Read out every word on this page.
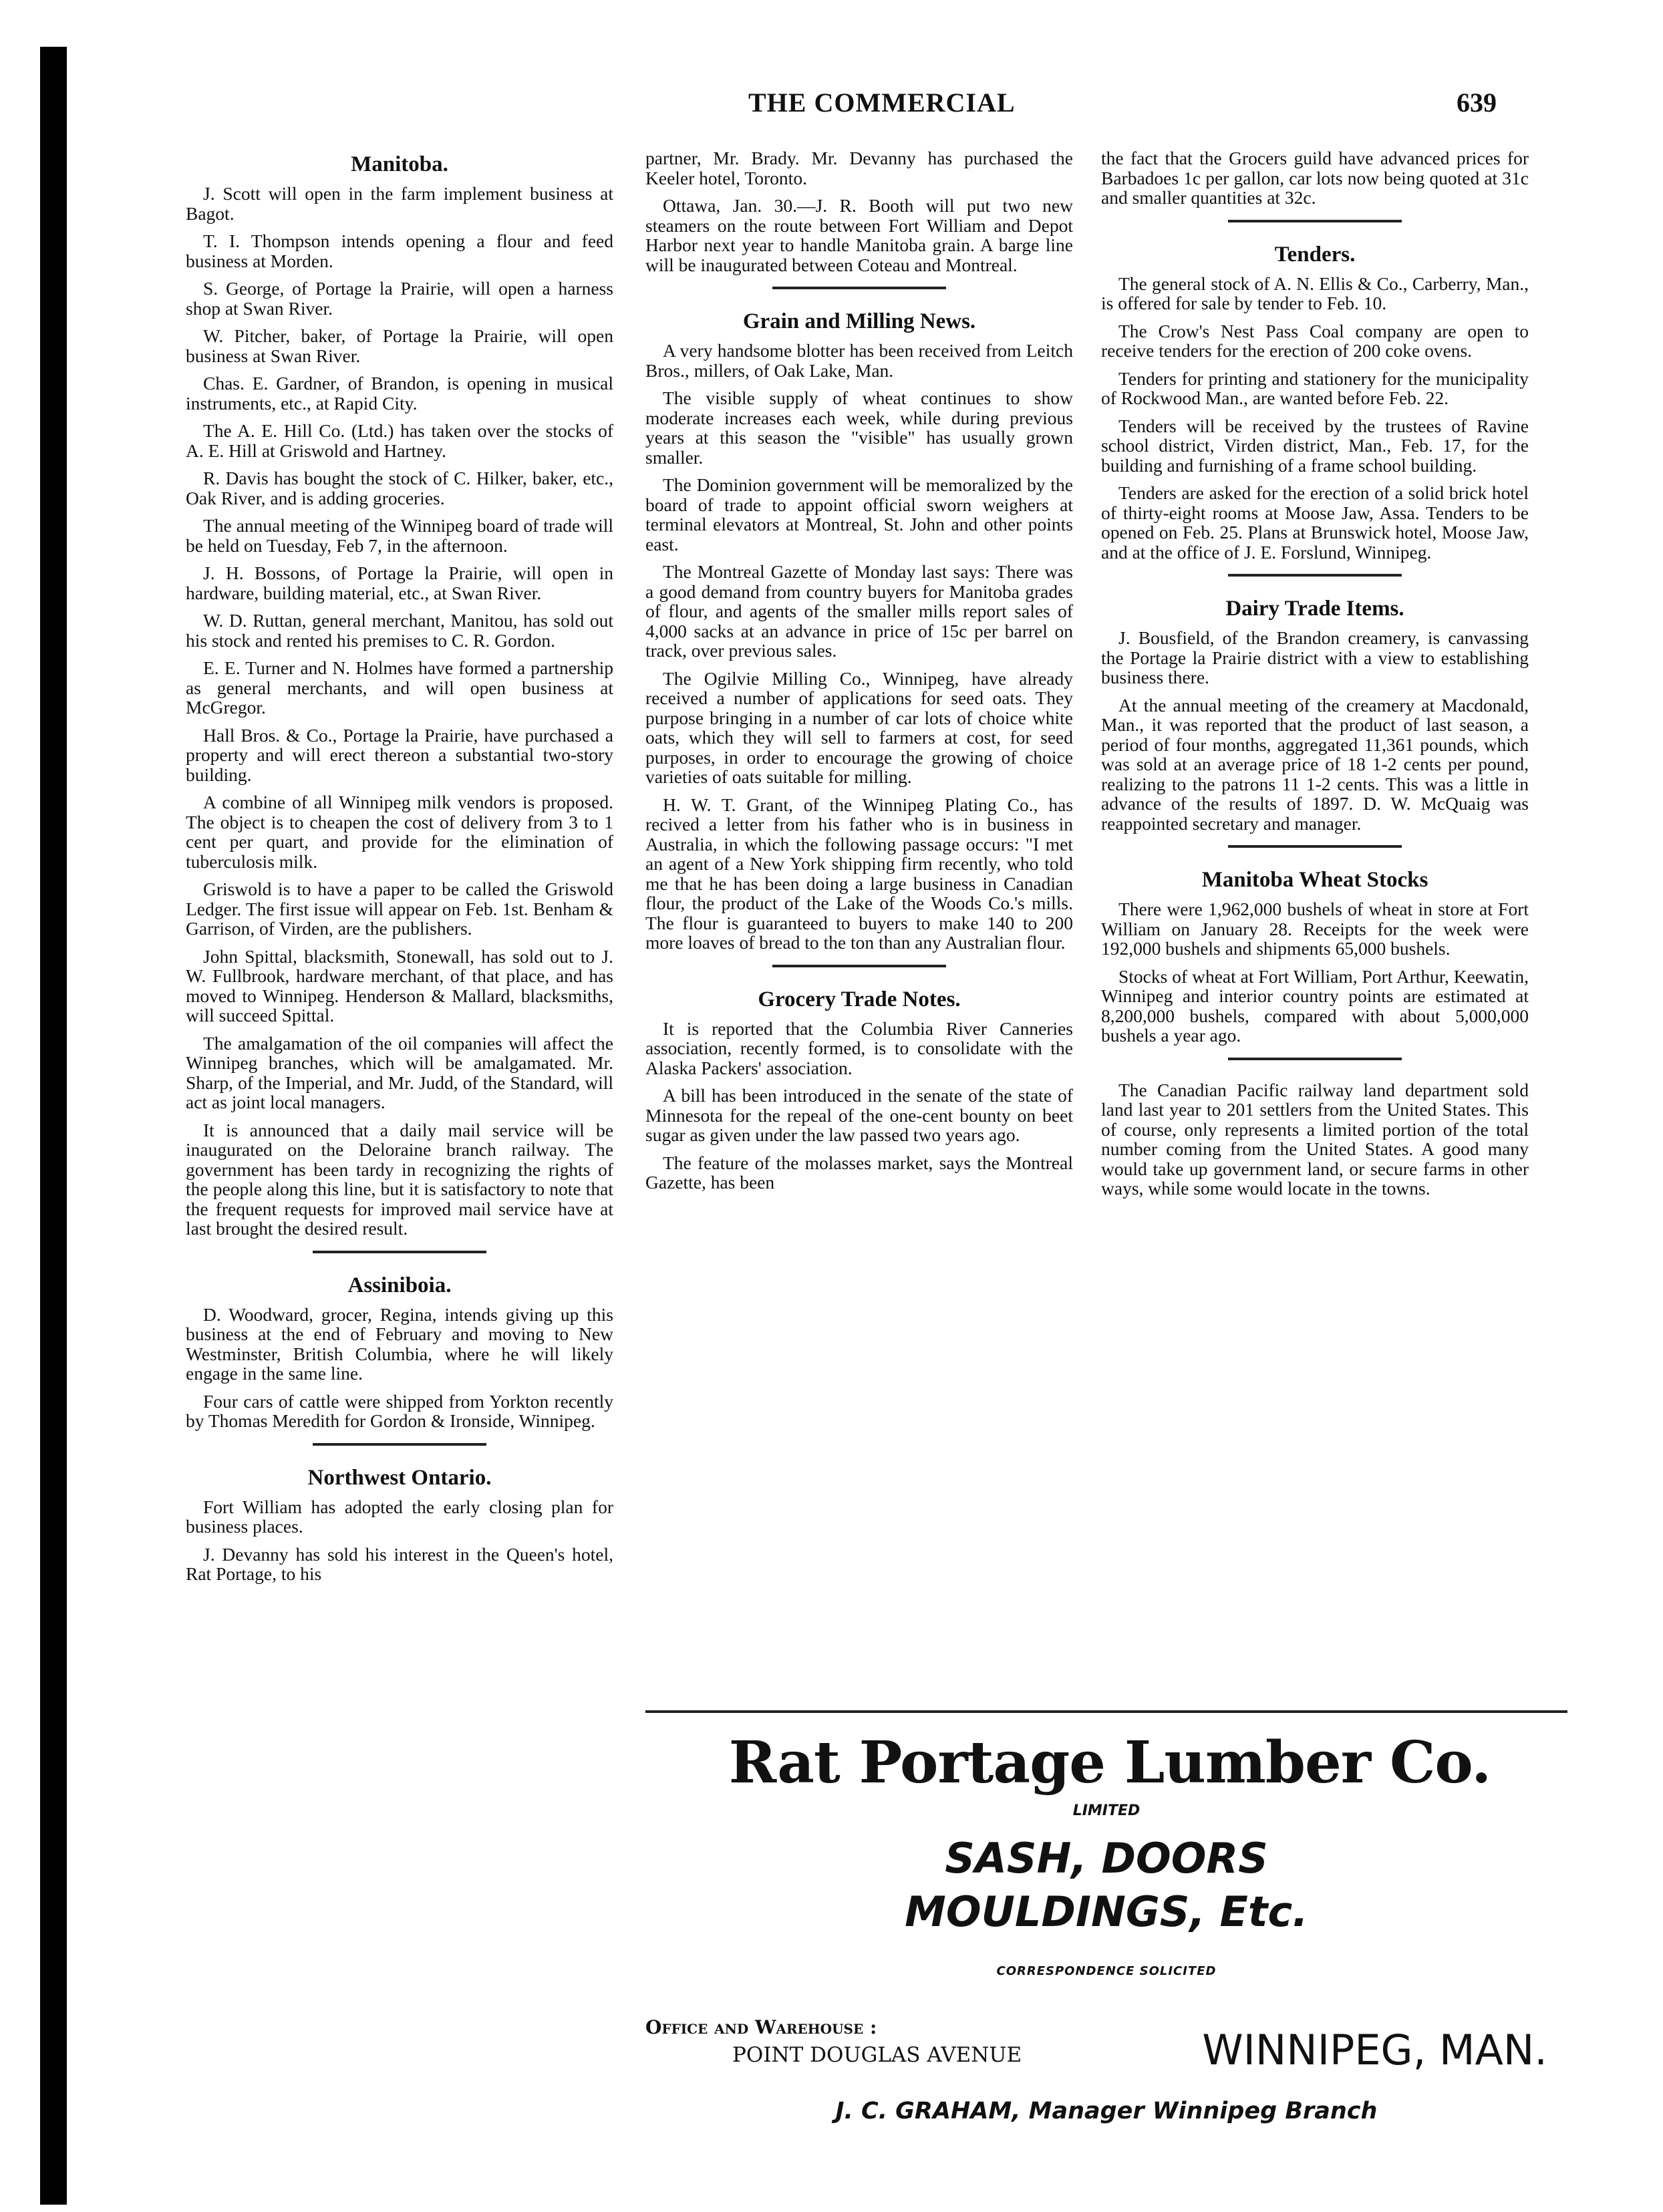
THE COMMERCIAL	639
Manitoba.

J. Scott will open in the farm implement business at Bagot.

T. I. Thompson intends opening a flour and feed business at Morden.

S. George, of Portage la Prairie, will open a harness shop at Swan River.

W. Pitcher, baker, of Portage la Prairie, will open business at Swan River.

Chas. E. Gardner, of Brandon, is opening in musical instruments, etc., at Rapid City.

The A. E. Hill Co. (Ltd.) has taken over the stocks of A. E. Hill at Griswold and Hartney.

R. Davis has bought the stock of C. Hilker, baker, etc., Oak River, and is adding groceries.

The annual meeting of the Winnipeg board of trade will be held on Tuesday, Feb 7, in the afternoon.

J. H. Bossons, of Portage la Prairie, will open in hardware, building material, etc., at Swan River.

W. D. Ruttan, general merchant, Manitou, has sold out his stock and rented his premises to C. R. Gordon.

E. E. Turner and N. Holmes have formed a partnership as general merchants, and will open business at McGregor.

Hall Bros. & Co., Portage la Prairie, have purchased a property and will erect thereon a substantial two-story building.

A combine of all Winnipeg milk vendors is proposed. The object is to cheapen the cost of delivery from 3 to 1 cent per quart, and provide for the elimination of tuberculosis milk.

Griswold is to have a paper to be called the Griswold Ledger. The first issue will appear on Feb. 1st. Benham & Garrison, of Virden, are the publishers.

John Spittal, blacksmith, Stonewall, has sold out to J. W. Fullbrook, hardware merchant, of that place, and has moved to Winnipeg. Henderson & Mallard, blacksmiths, will succeed Spittal.

The amalgamation of the oil companies will affect the Winnipeg branches, which will be amalgamated. Mr. Sharp, of the Imperial, and Mr. Judd, of the Standard, will act as joint local managers.

It is announced that a daily mail service will be inaugurated on the Deloraine branch railway. The government has been tardy in recognizing the rights of the people along this line, but it is satisfactory to note that the frequent requests for improved mail service have at last brought the desired result.

Assiniboia.

D. Woodward, grocer, Regina, intends giving up this business at the end of February and moving to New Westminster, British Columbia, where he will likely engage in the same line.

Four cars of cattle were shipped from Yorkton recently by Thomas Meredith for Gordon & Ironside, Winnipeg.

Northwest Ontario.

Fort William has adopted the early closing plan for business places.

J. Devanny has sold his interest in the Queen's hotel, Rat Portage, to his

partner, Mr. Brady. Mr. Devanny has purchased the Keeler hotel, Toronto.

Ottawa, Jan. 30.—J. R. Booth will put two new steamers on the route between Fort William and Depot Harbor next year to handle Manitoba grain. A barge line will be inaugurated between Coteau and Montreal.

Grain and Milling News.

A very handsome blotter has been received from Leitch Bros., millers, of Oak Lake, Man.

The visible supply of wheat continues to show moderate increases each week, while during previous years at this season the "visible" has usually grown smaller.

The Dominion government will be memoralized by the board of trade to appoint official sworn weighers at terminal elevators at Montreal, St. John and other points east.

The Montreal Gazette of Monday last says: There was a good demand from country buyers for Manitoba grades of flour, and agents of the smaller mills report sales of 4,000 sacks at an advance in price of 15c per barrel on track, over previous sales.

The Ogilvie Milling Co., Winnipeg, have already received a number of applications for seed oats. They purpose bringing in a number of car lots of choice white oats, which they will sell to farmers at cost, for seed purposes, in order to encourage the growing of choice varieties of oats suitable for milling.

H. W. T. Grant, of the Winnipeg Plating Co., has recived a letter from his father who is in business in Australia, in which the following passage occurs: "I met an agent of a New York shipping firm recently, who told me that he has been doing a large business in Canadian flour, the product of the Lake of the Woods Co.'s mills. The flour is guaranteed to buyers to make 140 to 200 more loaves of bread to the ton than any Australian flour.

Grocery Trade Notes.

It is reported that the Columbia River Canneries association, recently formed, is to consolidate with the Alaska Packers' association.

A bill has been introduced in the senate of the state of Minnesota for the repeal of the one-cent bounty on beet sugar as given under the law passed two years ago.

The feature of the molasses market, says the Montreal Gazette, has been

the fact that the Grocers guild have advanced prices for Barbadoes 1c per gallon, car lots now being quoted at 31c and smaller quantities at 32c.

Tenders.

The general stock of A. N. Ellis & Co., Carberry, Man., is offered for sale by tender to Feb. 10.

The Crow's Nest Pass Coal company are open to receive tenders for the erection of 200 coke ovens.

Tenders for printing and stationery for the municipality of Rockwood Man., are wanted before Feb. 22.

Tenders will be received by the trustees of Ravine school district, Virden district, Man., Feb. 17, for the building and furnishing of a frame school building.

Tenders are asked for the erection of a solid brick hotel of thirty-eight rooms at Moose Jaw, Assa. Tenders to be opened on Feb. 25. Plans at Brunswick hotel, Moose Jaw, and at the office of J. E. Forslund, Winnipeg.

Dairy Trade Items.

J. Bousfield, of the Brandon creamery, is canvassing the Portage la Prairie district with a view to establishing business there.

At the annual meeting of the creamery at Macdonald, Man., it was reported that the product of last season, a period of four months, aggregated 11,361 pounds, which was sold at an average price of 18 1-2 cents per pound, realizing to the patrons 11 1-2 cents. This was a little in advance of the results of 1897. D. W. McQuaig was reappointed secretary and manager.

Manitoba Wheat Stocks

There were 1,962,000 bushels of wheat in store at Fort William on January 28. Receipts for the week were 192,000 bushels and shipments 65,000 bushels.

Stocks of wheat at Fort William, Port Arthur, Keewatin, Winnipeg and interior country points are estimated at 8,200,000 bushels, compared with about 5,000,000 bushels a year ago.

The Canadian Pacific railway land department sold land last year to 201 settlers from the United States. This of course, only represents a limited portion of the total number coming from the United States. A good many would take up government land, or secure farms in other ways, while some would locate in the towns.

Rat Portage Lumber Co.
LIMITED
SASH, DOORS
MOULDINGS, Etc.
CORRESPONDENCE SOLICITED
Office and Warehouse :
POINT DOUGLAS AVENUE	WINNIPEG, MAN.
J. C. GRAHAM, Manager Winnipeg Branch
